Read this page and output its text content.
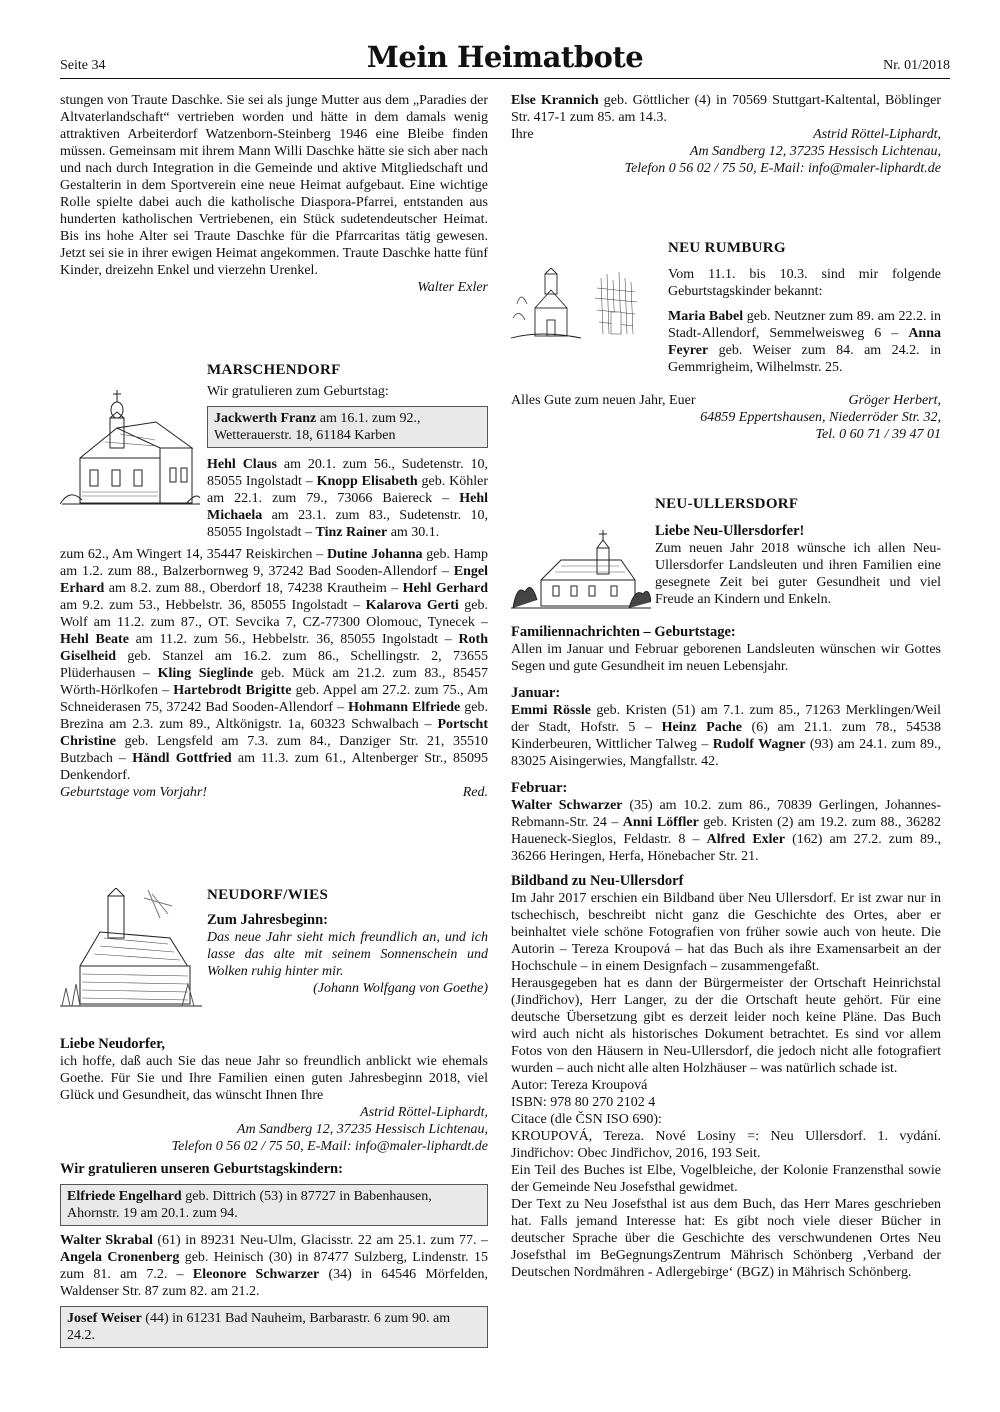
Seite 34	Mein Heimatbote	Nr. 01/2018

stungen von Traute Daschke. Sie sei als junge Mutter aus dem „Paradies der Altvaterlandschaft“ vertrieben worden und hätte in dem damals wenig attraktiven Arbeiterdorf Watzenborn-Steinberg 1946 eine Bleibe finden müssen. Gemeinsam mit ihrem Mann Willi Daschke hätte sie sich aber nach und nach durch Integration in die Gemeinde und aktive Mitgliedschaft und Gestalterin in dem Sportverein eine neue Heimat aufgebaut. Eine wichtige Rolle spielte dabei auch die katholische Diaspora-Pfarrei, entstanden aus hunderten katholischen Vertriebenen, ein Stück sudetendeutscher Heimat. Bis ins hohe Alter sei Traute Daschke für die Pfarrcaritas tätig gewesen. Jetzt sei sie in ihrer ewigen Heimat angekommen. Traute Daschke hatte fünf Kinder, dreizehn Enkel und vierzehn Urenkel.

Walter Exler
MARSCHENDORF
Wir gratulieren zum Geburtstag:
Jackwerth Franz am 16.1. zum 92., Wetterauerstr. 18, 61184 Karben

Hehl Claus am 20.1. zum 56., Sudetenstr. 10, 85055 Ingolstadt – Knopp Elisabeth geb. Köhler am 22.1. zum 79., 73066 Baiereck – Hehl Michaela am 23.1. zum 83., Sudetenstr. 10, 85055 Ingolstadt – Tinz Rainer am 30.1.

zum 62., Am Wingert 14, 35447 Reiskirchen – Dutine Johanna geb. Hamp am 1.2. zum 88., Balzerbornweg 9, 37242 Bad Sooden-Allendorf – Engel Erhard am 8.2. zum 88., Oberdorf 18, 74238 Krautheim – Hehl Gerhard am 9.2. zum 53., Hebbelstr. 36, 85055 Ingolstadt – Kalarova Gerti geb. Wolf am 11.2. zum 87., OT. Sevcika 7, CZ-77300 Olomouc, Tynecek – Hehl Beate am 11.2. zum 56., Hebbelstr. 36, 85055 Ingolstadt – Roth Giselheid geb. Stanzel am 16.2. zum 86., Schellingstr. 2, 73655 Plüderhausen – Kling Sieglinde geb. Mück am 21.2. zum 83., 85457 Wörth-Hörlkofen – Hartebrodt Brigitte geb. Appel am 27.2. zum 75., Am Schneiderasen 75, 37242 Bad Sooden-Allendorf – Hohmann Elfriede geb. Brezina am 2.3. zum 89., Altkönigstr. 1a, 60323 Schwalbach – Portscht Christine geb. Lengsfeld am 7.3. zum 84., Danziger Str. 21, 35510 Butzbach – Händl Gottfried am 11.3. zum 61., Altenberger Str., 85095 Denkendorf.

Geburtstage vom Vorjahr!	Red.
NEUDORF/WIES
Zum Jahresbeginn:

Das neue Jahr sieht mich freundlich an, und ich lasse das alte mit seinem Sonnenschein und Wolken ruhig hinter mir.

(Johann Wolfgang von Goethe)
Liebe Neudorfer,

ich hoffe, daß auch Sie das neue Jahr so freundlich anblickt wie ehemals Goethe. Für Sie und Ihre Familien einen guten Jahresbeginn 2018, viel Glück und Gesundheit, das wünscht Ihnen Ihre

Astrid Röttel-Liphardt,
Am Sandberg 12, 37235 Hessisch Lichtenau,
Telefon 0 56 02 / 75 50, E-Mail: info@maler-liphardt.de
Wir gratulieren unseren Geburtstagskindern:
Elfriede Engelhard geb. Dittrich (53) in 87727 in Babenhausen, Ahornstr. 19 am 20.1. zum 94.

Walter Skrabal (61) in 89231 Neu-Ulm, Glacisstr. 22 am 25.1. zum 77. – Angela Cronenberg geb. Heinisch (30) in 87477 Sulzberg, Lindenstr. 15 zum 81. am 7.2. – Eleonore Schwarzer (34) in 64546 Mörfelden, Waldenser Str. 87 zum 82. am 21.2.

Josef Weiser (44) in 61231 Bad Nauheim, Barbarastr. 6 zum 90. am 24.2.

Else Krannich geb. Göttlicher (4) in 70569 Stuttgart-Kaltental, Böblinger Str. 417-1 zum 85. am 14.3.

Ihre	Astrid Röttel-Liphardt,
Am Sandberg 12, 37235 Hessisch Lichtenau,
Telefon 0 56 02 / 75 50, E-Mail: info@maler-liphardt.de
NEU RUMBURG

Vom 11.1. bis 10.3. sind mir folgende Geburtstagskinder bekannt:

Maria Babel geb. Neutzner zum 89. am 22.2. in Stadt-Allendorf, Semmelweisweg 6 – Anna Feyrer geb. Weiser zum 84. am 24.2. in Gemmrigheim, Wilhelmstr. 25.

Alles Gute zum neuen Jahr, Euer	Gröger Herbert,
64859 Eppertshausen, Niederröder Str. 32,
Tel. 0 60 71 / 39 47 01
NEU-ULLERSDORF
Liebe Neu-Ullersdorfer!

Zum neuen Jahr 2018 wünsche ich allen Neu-Ullersdorfer Landsleuten und ihren Familien eine gesegnete Zeit bei guter Gesundheit und viel Freude an Kindern und Enkeln.

Familiennachrichten – Geburtstage:

Allen im Januar und Februar geborenen Landsleuten wünschen wir Gottes Segen und gute Gesundheit im neuen Lebensjahr.

Januar:

Emmi Rössle geb. Kristen (51) am 7.1. zum 85., 71263 Merklingen/Weil der Stadt, Hofstr. 5 – Heinz Pache (6) am 21.1. zum 78., 54538 Kinderbeuren, Wittlicher Talweg – Rudolf Wagner (93) am 24.1. zum 89., 83025 Aisingerwies, Mangfallstr. 42.

Februar:

Walter Schwarzer (35) am 10.2. zum 86., 70839 Gerlingen, Johannes-Rebmann-Str. 24 – Anni Löffler geb. Kristen (2) am 19.2. zum 88., 36282 Haueneck-Sieglos, Feldastr. 8 – Alfred Exler (162) am 27.2. zum 89., 36266 Heringen, Herfa, Hönebacher Str. 21.

Bildband zu Neu-Ullersdorf

Im Jahr 2017 erschien ein Bildband über Neu Ullersdorf. Er ist zwar nur in tschechisch, beschreibt nicht ganz die Geschichte des Ortes, aber er beinhaltet viele schöne Fotografien von früher sowie auch von heute. Die Autorin – Tereza Kroupová – hat das Buch als ihre Examensarbeit an der Hochschule – in einem Designfach – zusammengefaßt.

Herausgegeben hat es dann der Bürgermeister der Ortschaft Heinrichstal (Jindřichov), Herr Langer, zu der die Ortschaft heute gehört. Für eine deutsche Übersetzung gibt es derzeit leider noch keine Pläne. Das Buch wird auch nicht als historisches Dokument betrachtet. Es sind vor allem Fotos von den Häusern in Neu-Ullersdorf, die jedoch nicht alle fotografiert wurden – auch nicht alle alten Holzhäuser – was natürlich schade ist.

Autor: Tereza Kroupová
ISBN: 978 80 270 2102 4
Citace (dle ČSN ISO 690):

KROUPOVÁ, Tereza. Nové Losiny =: Neu Ullersdorf. 1. vydání. Jindřichov: Obec Jindřichov, 2016, 193 Seit.

Ein Teil des Buches ist Elbe, Vogelbleiche, der Kolonie Franzensthal sowie der Gemeinde Neu Josefsthal gewidmet.

Der Text zu Neu Josefsthal ist aus dem Buch, das Herr Mares geschrieben hat. Falls jemand Interesse hat: Es gibt noch viele dieser Bücher in deutscher Sprache über die Geschichte des verschwundenen Ortes Neu Josefsthal im BeGegnungsZentrum Mährisch Schönberg ‚Verband der Deutschen Nordmähren - Adlergebirge‘ (BGZ) in Mährisch Schönberg.
